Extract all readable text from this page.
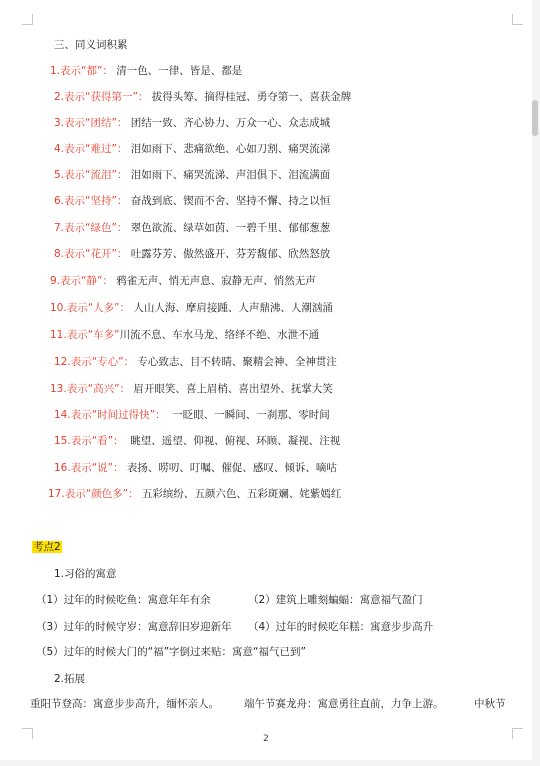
三、同义词积累
1.表示“都”： 清一色、一律、皆是、都是
2.表示“获得第一”： 拔得头筹、摘得桂冠、勇夺第一、喜获金牌
3.表示“团结”： 团结一致、齐心协力、万众一心、众志成城
4.表示“难过”： 泪如雨下、悲痛欲绝、心如刀割、痛哭流涕
5.表示“流泪”： 泪如雨下、痛哭流涕、声泪俱下、泪流满面
6.表示“坚持”： 奋战到底、锲而不舍、坚持不懈、持之以恒
7.表示“绿色”： 翠色欲流、绿草如茵、一碧千里、郁郁葱葱
8.表示“花开”： 吐露芬芳、傲然盛开、芬芳馥郁、欣然怒放
9.表示“静”： 鸦雀无声、悄无声息、寂静无声、悄然无声
10.表示“人多”： 人山人海、摩肩接踵、人声鼎沸、人潮汹涌
11.表示“车多”川流不息、车水马龙、络绎不绝、水泄不通
12.表示“专心”： 专心致志、目不转睛、聚精会神、全神贯注
13.表示“高兴”： 眉开眼笑、喜上眉梢、喜出望外、抚掌大笑
14.表示“时间过得快”： 一眨眼、一瞬间、一刹那、零时间
15.表示“看”： 眺望、遥望、仰视、俯视、环顾、凝视、注视
16.表示“说”： 表扬、唠叨、叮嘱、催促、感叹、倾诉、嘀咕
17.表示“颜色多”： 五彩缤纷、五颜六色、五彩斑斓、姹紫嫣红
考点2
1.习俗的寓意
（1）过年的时候吃鱼：寓意年年有余	（2）建筑上雕刻蝙蝠：寓意福气盈门
（3）过年的时候守岁：寓意辞旧岁迎新年 （4）过年的时候吃年糕：寓意步步高升
（5）过年的时候大门的“福”字倒过来贴：寓意“福气已到”
2.拓展
重阳节登高：寓意步步高升，缅怀亲人。 端午节赛龙舟：寓意勇往直前，力争上游。	中秋节
2
